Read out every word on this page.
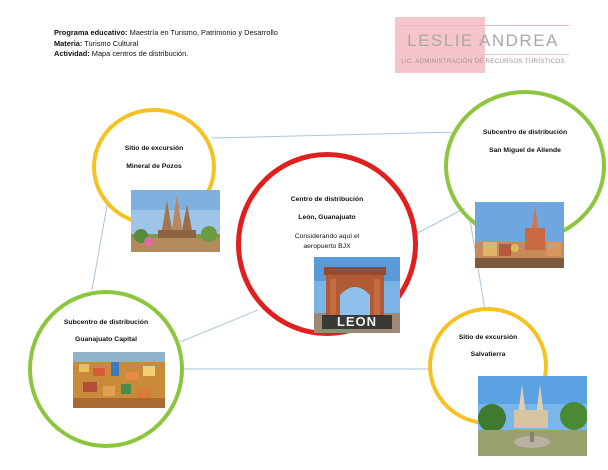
Programa educativo: Maestría en Turismo, Patrimonio y Desarrollo
Materia: Turismo Cultural
Actividad: Mapa centros de distribución.
LESLIE ANDREA
LIC. ADMINISTRACIÓN DE RECURSOS TURÍSTICOS
Sitio de excursión
Mineral de Pozos
Centro de distribución
León, Guanajuato
Considerando aquí el
aeropuerto BJX
LEON
Subcentro de distribución
San Miguel de Allende
Subcentro de distribución
Guanajuato Capital	Sitio de excursión
Salvatierra
